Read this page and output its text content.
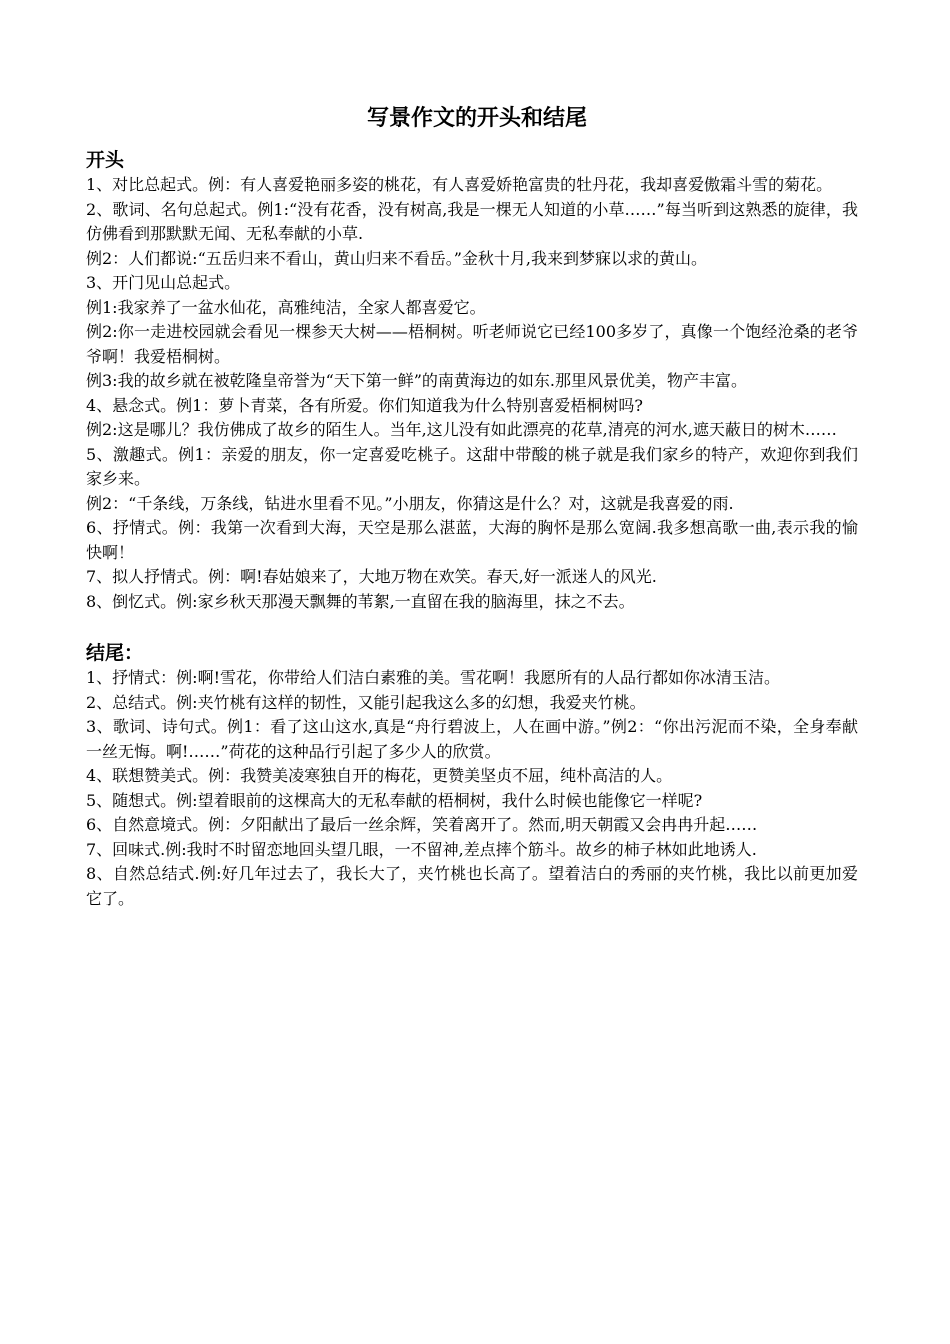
写景作文的开头和结尾
开头

1、对比总起式。例：有人喜爱艳丽多姿的桃花，有人喜爱娇艳富贵的牡丹花，我却喜爱傲霜斗雪的菊花。

2、歌词、名句总起式。例1:“没有花香，没有树高,我是一棵无人知道的小草……”每当听到这熟悉的旋律，我仿佛看到那默默无闻、无私奉献的小草.

例2：人们都说:“五岳归来不看山，黄山归来不看岳。”金秋十月,我来到梦寐以求的黄山。

3、开门见山总起式。

例1:我家养了一盆水仙花，高雅纯洁，全家人都喜爱它。

例2:你一走进校园就会看见一棵参天大树——梧桐树。听老师说它已经100多岁了，真像一个饱经沧桑的老爷爷啊！我爱梧桐树。

例3:我的故乡就在被乾隆皇帝誉为“天下第一鲜”的南黄海边的如东.那里风景优美，物产丰富。

4、悬念式。例1：萝卜青菜，各有所爱。你们知道我为什么特别喜爱梧桐树吗?

例2:这是哪儿？我仿佛成了故乡的陌生人。当年,这儿没有如此漂亮的花草,清亮的河水,遮天蔽日的树木……

5、激趣式。例1：亲爱的朋友，你一定喜爱吃桃子。这甜中带酸的桃子就是我们家乡的特产，欢迎你到我们家乡来。

例2：“千条线，万条线，钻进水里看不见。”小朋友，你猜这是什么？对，这就是我喜爱的雨.

6、抒情式。例：我第一次看到大海，天空是那么湛蓝，大海的胸怀是那么宽阔.我多想高歌一曲,表示我的愉快啊！

7、拟人抒情式。例：啊!春姑娘来了，大地万物在欢笑。春天,好一派迷人的风光.

8、倒忆式。例:家乡秋天那漫天飘舞的苇絮,一直留在我的脑海里，抹之不去。

结尾：

1、抒情式：例:啊!雪花，你带给人们洁白素雅的美。雪花啊！我愿所有的人品行都如你冰清玉洁。

2、总结式。例:夹竹桃有这样的韧性，又能引起我这么多的幻想，我爱夹竹桃。

3、歌词、诗句式。例1：看了这山这水,真是“舟行碧波上，人在画中游。”例2：“你出污泥而不染，全身奉献一丝无悔。啊!……”荷花的这种品行引起了多少人的欣赏。

4、联想赞美式。例：我赞美凌寒独自开的梅花，更赞美坚贞不屈，纯朴高洁的人。

5、随想式。例:望着眼前的这棵高大的无私奉献的梧桐树，我什么时候也能像它一样呢?

6、自然意境式。例：夕阳献出了最后一丝余辉，笑着离开了。然而,明天朝霞又会冉冉升起……

7、回味式.例:我时不时留恋地回头望几眼，一不留神,差点摔个筋斗。故乡的柿子林如此地诱人.

8、自然总结式.例:好几年过去了，我长大了，夹竹桃也长高了。望着洁白的秀丽的夹竹桃，我比以前更加爱它了。
